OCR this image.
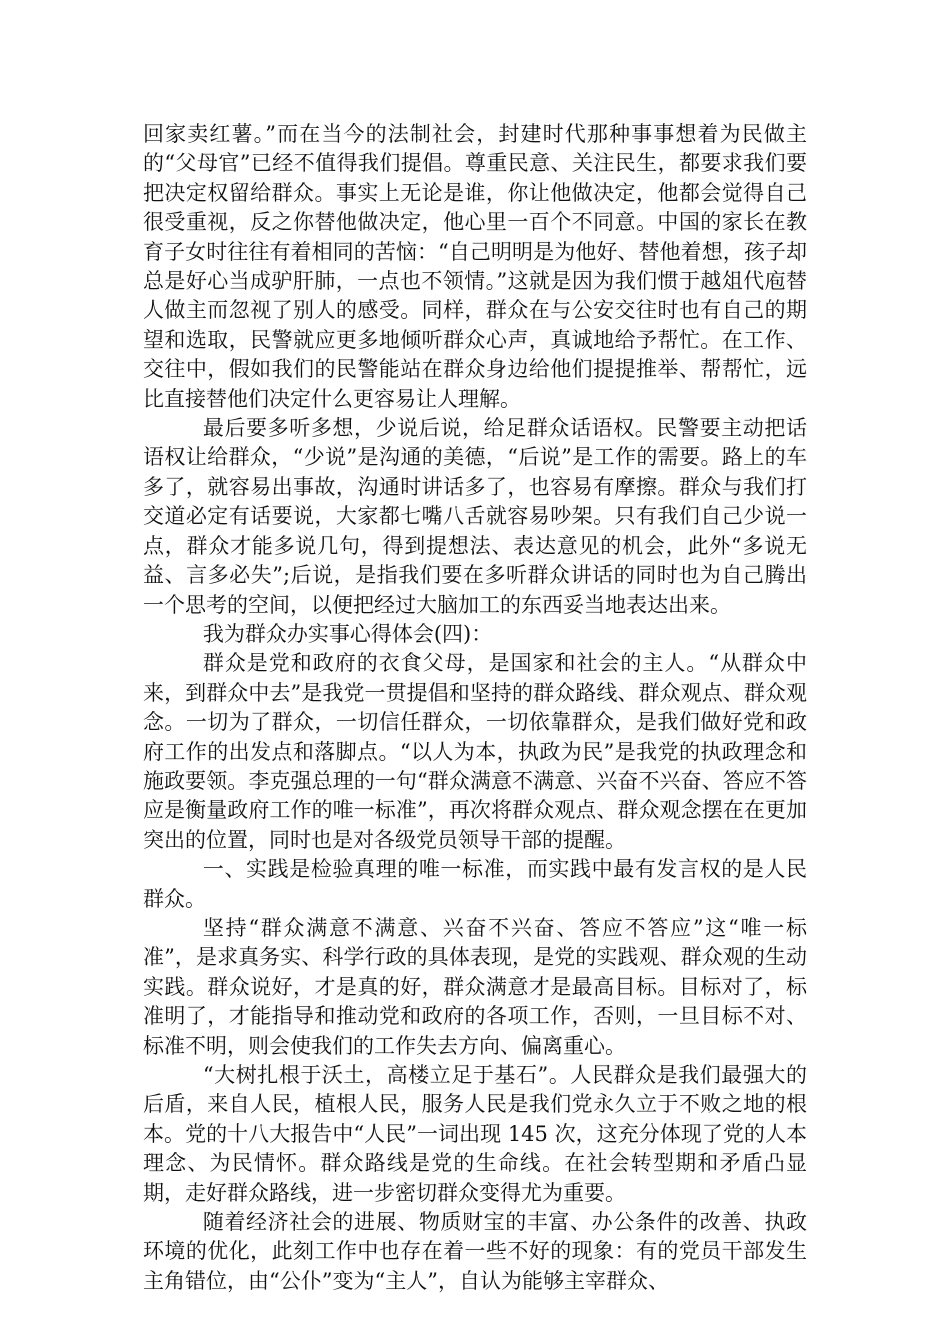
回家卖红薯。”而在当今的法制社会，封建时代那种事事想着为民做主的“父母官”已经不值得我们提倡。尊重民意、关注民生，都要求我们要把决定权留给群众。事实上无论是谁，你让他做决定，他都会觉得自己很受重视，反之你替他做决定，他心里一百个不同意。中国的家长在教育子女时往往有着相同的苦恼：“自己明明是为他好、替他着想，孩子却总是好心当成驴肝肺，一点也不领情。”这就是因为我们惯于越俎代庖替人做主而忽视了别人的感受。同样，群众在与公安交往时也有自己的期望和选取，民警就应更多地倾听群众心声，真诚地给予帮忙。在工作、交往中，假如我们的民警能站在群众身边给他们提提推举、帮帮忙，远比直接替他们决定什么更容易让人理解。

最后要多听多想，少说后说，给足群众话语权。民警要主动把话语权让给群众，“少说”是沟通的美德，“后说”是工作的需要。路上的车多了，就容易出事故，沟通时讲话多了，也容易有摩擦。群众与我们打交道必定有话要说，大家都七嘴八舌就容易吵架。只有我们自己少说一点，群众才能多说几句，得到提想法、表达意见的机会，此外“多说无益、言多必失”;后说，是指我们要在多听群众讲话的同时也为自己腾出一个思考的空间，以便把经过大脑加工的东西妥当地表达出来。

我为群众办实事心得体会(四)：

群众是党和政府的衣食父母，是国家和社会的主人。“从群众中来，到群众中去”是我党一贯提倡和坚持的群众路线、群众观点、群众观念。一切为了群众，一切信任群众，一切依靠群众，是我们做好党和政府工作的出发点和落脚点。“以人为本，执政为民”是我党的执政理念和施政要领。李克强总理的一句“群众满意不满意、兴奋不兴奋、答应不答应是衡量政府工作的唯一标准”，再次将群众观点、群众观念摆在在更加突出的位置，同时也是对各级党员领导干部的提醒。

一、实践是检验真理的唯一标准，而实践中最有发言权的是人民群众。

坚持“群众满意不满意、兴奋不兴奋、答应不答应”这“唯一标准”，是求真务实、科学行政的具体表现，是党的实践观、群众观的生动实践。群众说好，才是真的好，群众满意才是最高目标。目标对了，标准明了，才能指导和推动党和政府的各项工作，否则，一旦目标不对、标准不明，则会使我们的工作失去方向、偏离重心。

“大树扎根于沃土，高楼立足于基石”。人民群众是我们最强大的后盾，来自人民，植根人民，服务人民是我们党永久立于不败之地的根本。党的十八大报告中“人民”一词出现 145 次，这充分体现了党的人本理念、为民情怀。群众路线是党的生命线。在社会转型期和矛盾凸显期，走好群众路线，进一步密切群众变得尤为重要。

随着经济社会的进展、物质财宝的丰富、办公条件的改善、执政环境的优化，此刻工作中也存在着一些不好的现象：有的党员干部发生主角错位，由“公仆”变为“主人”，自认为能够主宰群众、
